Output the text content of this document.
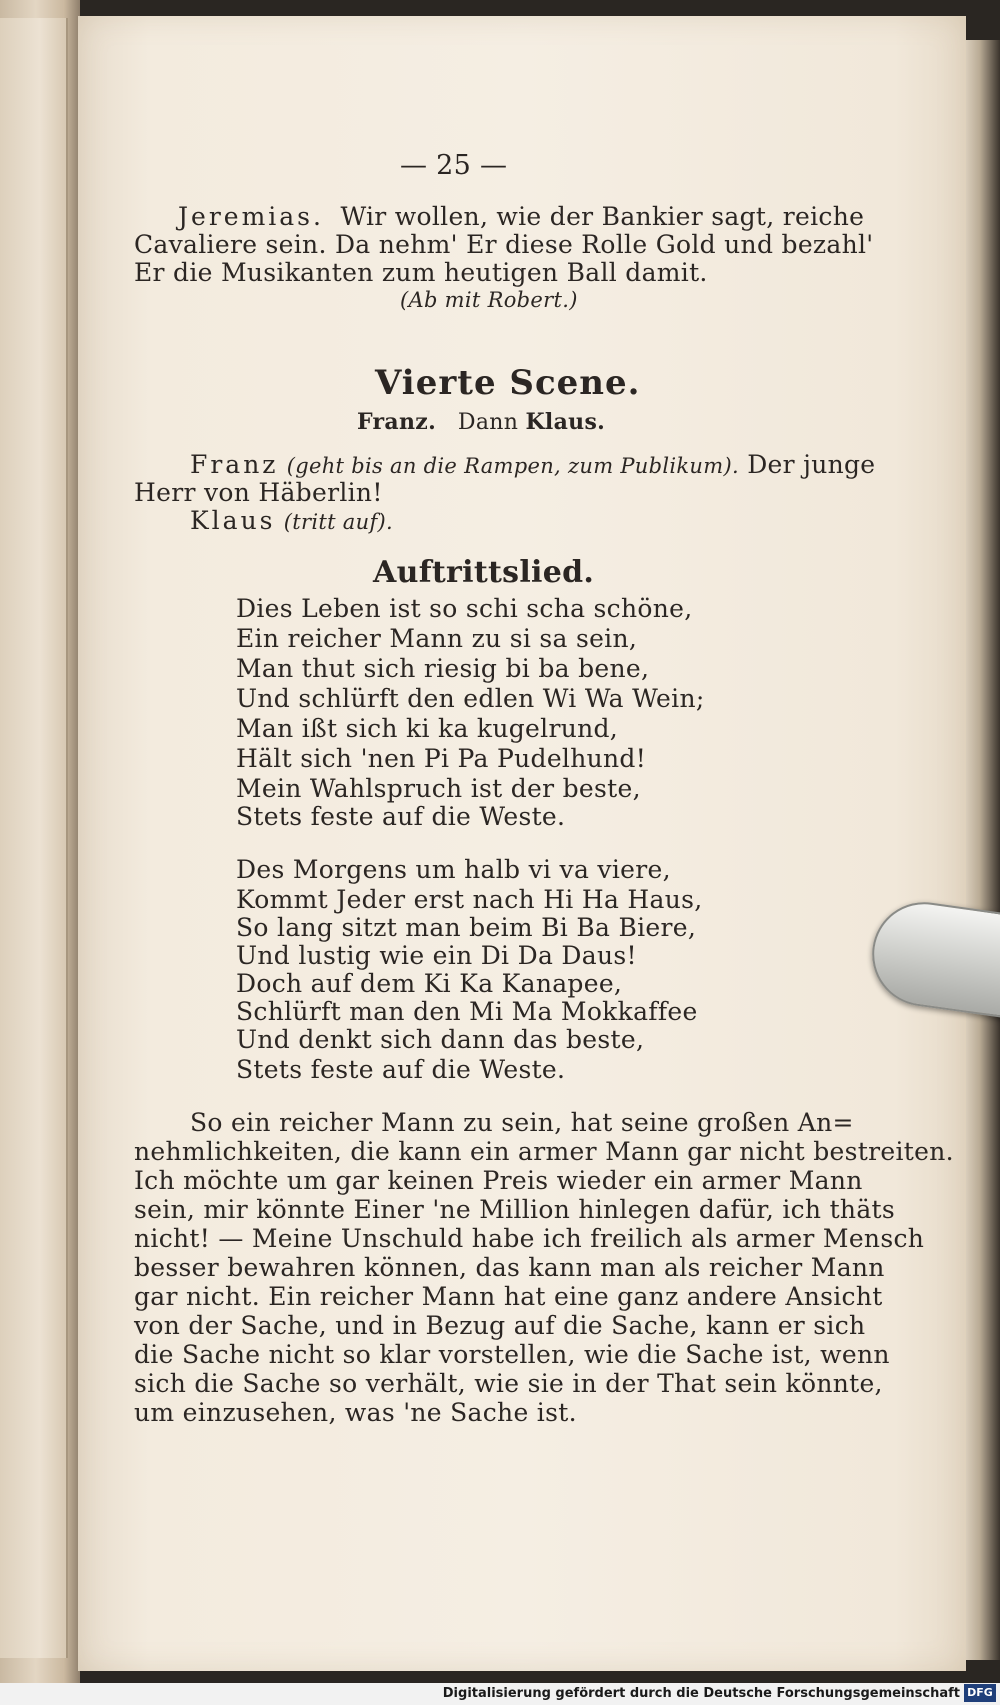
— 25 —
Jeremias. Wir wollen, wie der Bankier sagt, reiche
Cavaliere sein. Da nehm' Er diese Rolle Gold und bezahl'
Er die Musikanten zum heutigen Ball damit.
(Ab mit Robert.)
Vierte Scene.
Franz. Dann Klaus.
Franz (geht bis an die Rampen, zum Publikum). Der junge
Herr von Häberlin!
Klaus (tritt auf).
Auftrittslied.
Dies Leben ist so schi scha schöne,
Ein reicher Mann zu si sa sein,
Man thut sich riesig bi ba bene,
Und schlürft den edlen Wi Wa Wein;
Man ißt sich ki ka kugelrund,
Hält sich 'nen Pi Pa Pudelhund!
Mein Wahlspruch ist der beste,
Stets feste auf die Weste.
Des Morgens um halb vi va viere,
Kommt Jeder erst nach Hi Ha Haus,
So lang sitzt man beim Bi Ba Biere,
Und lustig wie ein Di Da Daus!
Doch auf dem Ki Ka Kanapee,
Schlürft man den Mi Ma Mokkaffee
Und denkt sich dann das beste,
Stets feste auf die Weste.
So ein reicher Mann zu sein, hat seine großen An=
nehmlichkeiten, die kann ein armer Mann gar nicht bestreiten.
Ich möchte um gar keinen Preis wieder ein armer Mann
sein, mir könnte Einer 'ne Million hinlegen dafür, ich thäts
nicht! — Meine Unschuld habe ich freilich als armer Mensch
besser bewahren können, das kann man als reicher Mann
gar nicht. Ein reicher Mann hat eine ganz andere Ansicht
von der Sache, und in Bezug auf die Sache, kann er sich
die Sache nicht so klar vorstellen, wie die Sache ist, wenn
sich die Sache so verhält, wie sie in der That sein könnte,
um einzusehen, was 'ne Sache ist.
Digitalisierung gefördert durch die Deutsche Forschungsgemeinschaft DFG
